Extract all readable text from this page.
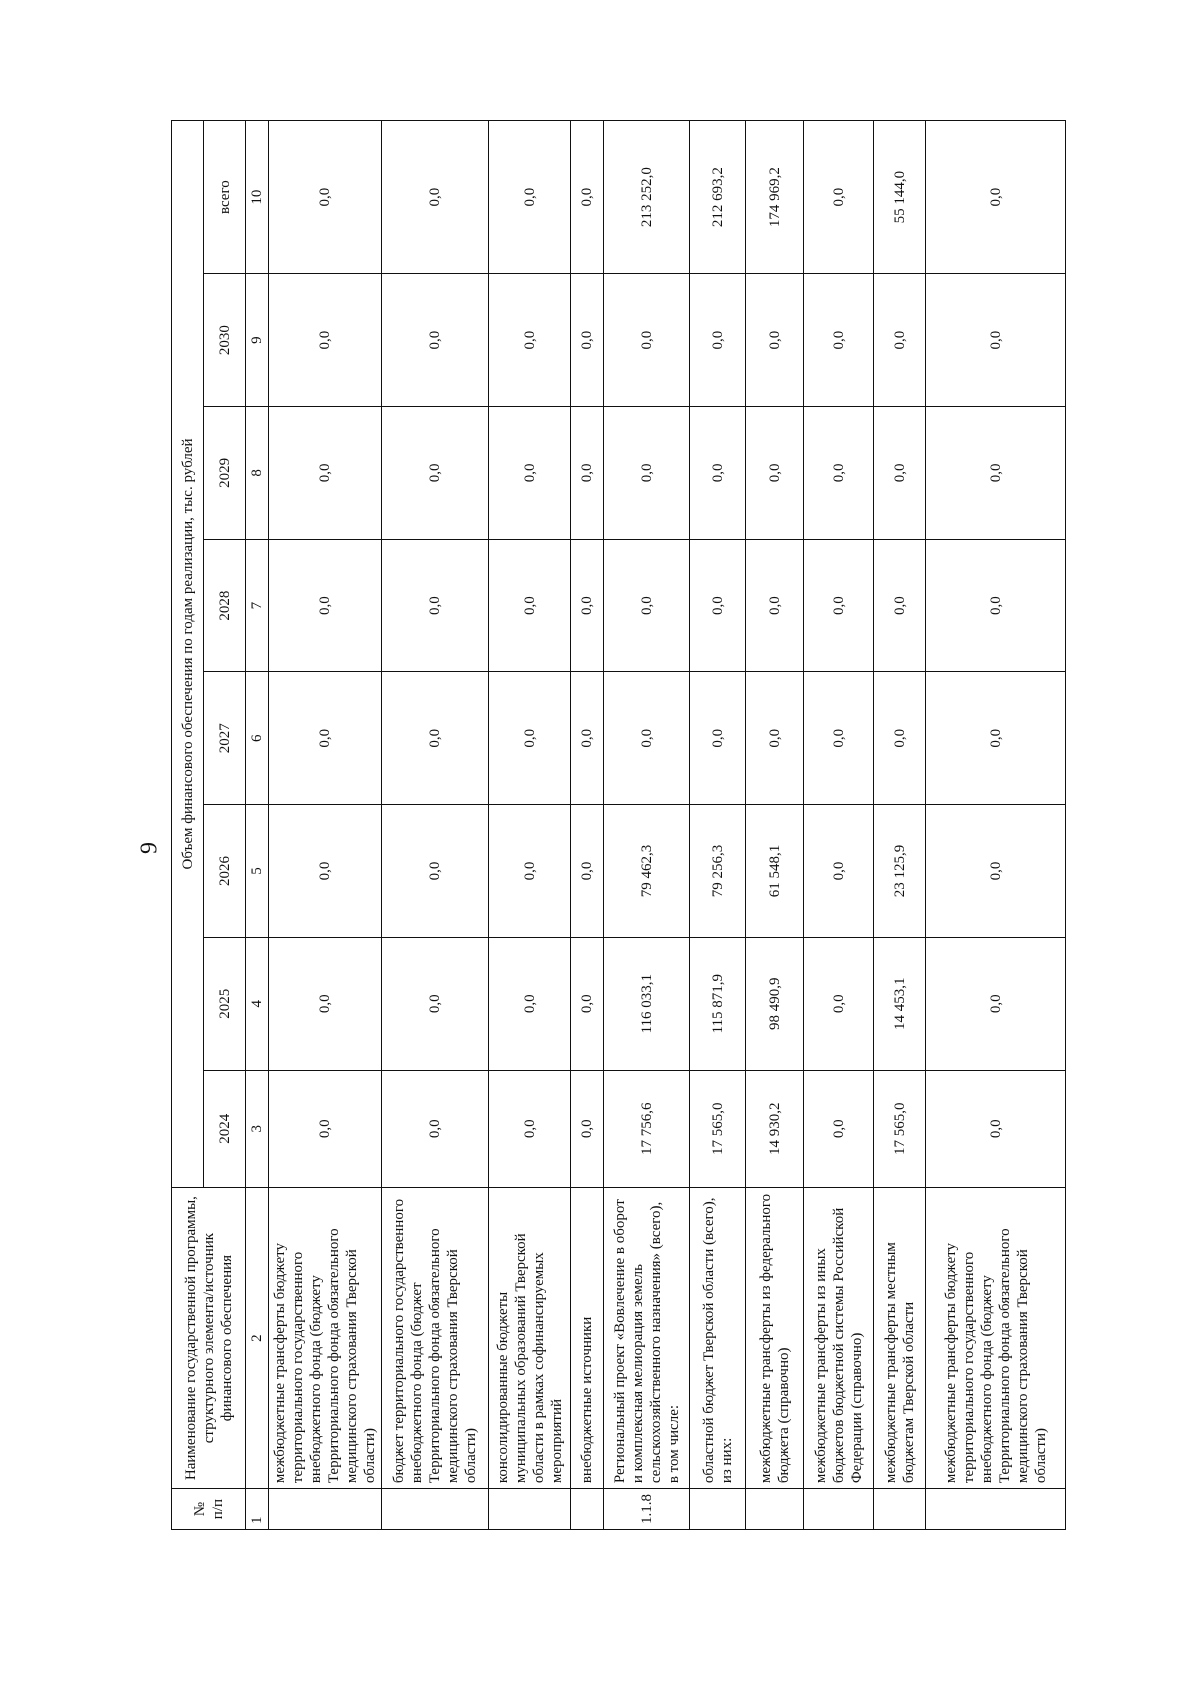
9
№ п/п	Наименование государственной программы, структурного элемента/источник финансового обеспечения	Объем финансового обеспечения по годам реализации, тыс. рублей							
		2024	2025	2026	2027	2028	2029	2030	всего
1	2	3	4	5	6	7	8	9	10
	межбюджетные трансферты бюджету территориального государственного внебюджетного фонда (бюджету Территориального фонда обязательного медицинского страхования Тверской области)	0,0	0,0	0,0	0,0	0,0	0,0	0,0	0,0
	бюджет территориального государственного внебюджетного фонда (бюджет Территориального фонда обязательного медицинского страхования Тверской области)	0,0	0,0	0,0	0,0	0,0	0,0	0,0	0,0
	консолидированные бюджеты муниципальных образований Тверской области в рамках софинансируемых мероприятий	0,0	0,0	0,0	0,0	0,0	0,0	0,0	0,0
	внебюджетные источники	0,0	0,0	0,0	0,0	0,0	0,0	0,0	0,0
1.1.8	Региональный проект «Вовлечение в оборот и комплексная мелиорация земель сельскохозяйственного назначения» (всего), в том числе:	17 756,6	116 033,1	79 462,3	0,0	0,0	0,0	0,0	213 252,0
	областной бюджет Тверской области (всего), из них:	17 565,0	115 871,9	79 256,3	0,0	0,0	0,0	0,0	212 693,2
	межбюджетные трансферты из федерального бюджета (справочно)	14 930,2	98 490,9	61 548,1	0,0	0,0	0,0	0,0	174 969,2
	межбюджетные трансферты из иных бюджетов бюджетной системы Российской Федерации (справочно)	0,0	0,0	0,0	0,0	0,0	0,0	0,0	0,0
	межбюджетные трансферты местным бюджетам Тверской области	17 565,0	14 453,1	23 125,9	0,0	0,0	0,0	0,0	55 144,0
	межбюджетные трансферты бюджету территориального государственного внебюджетного фонда (бюджету Территориального фонда обязательного медицинского страхования Тверской области)	0,0	0,0	0,0	0,0	0,0	0,0	0,0	0,0
